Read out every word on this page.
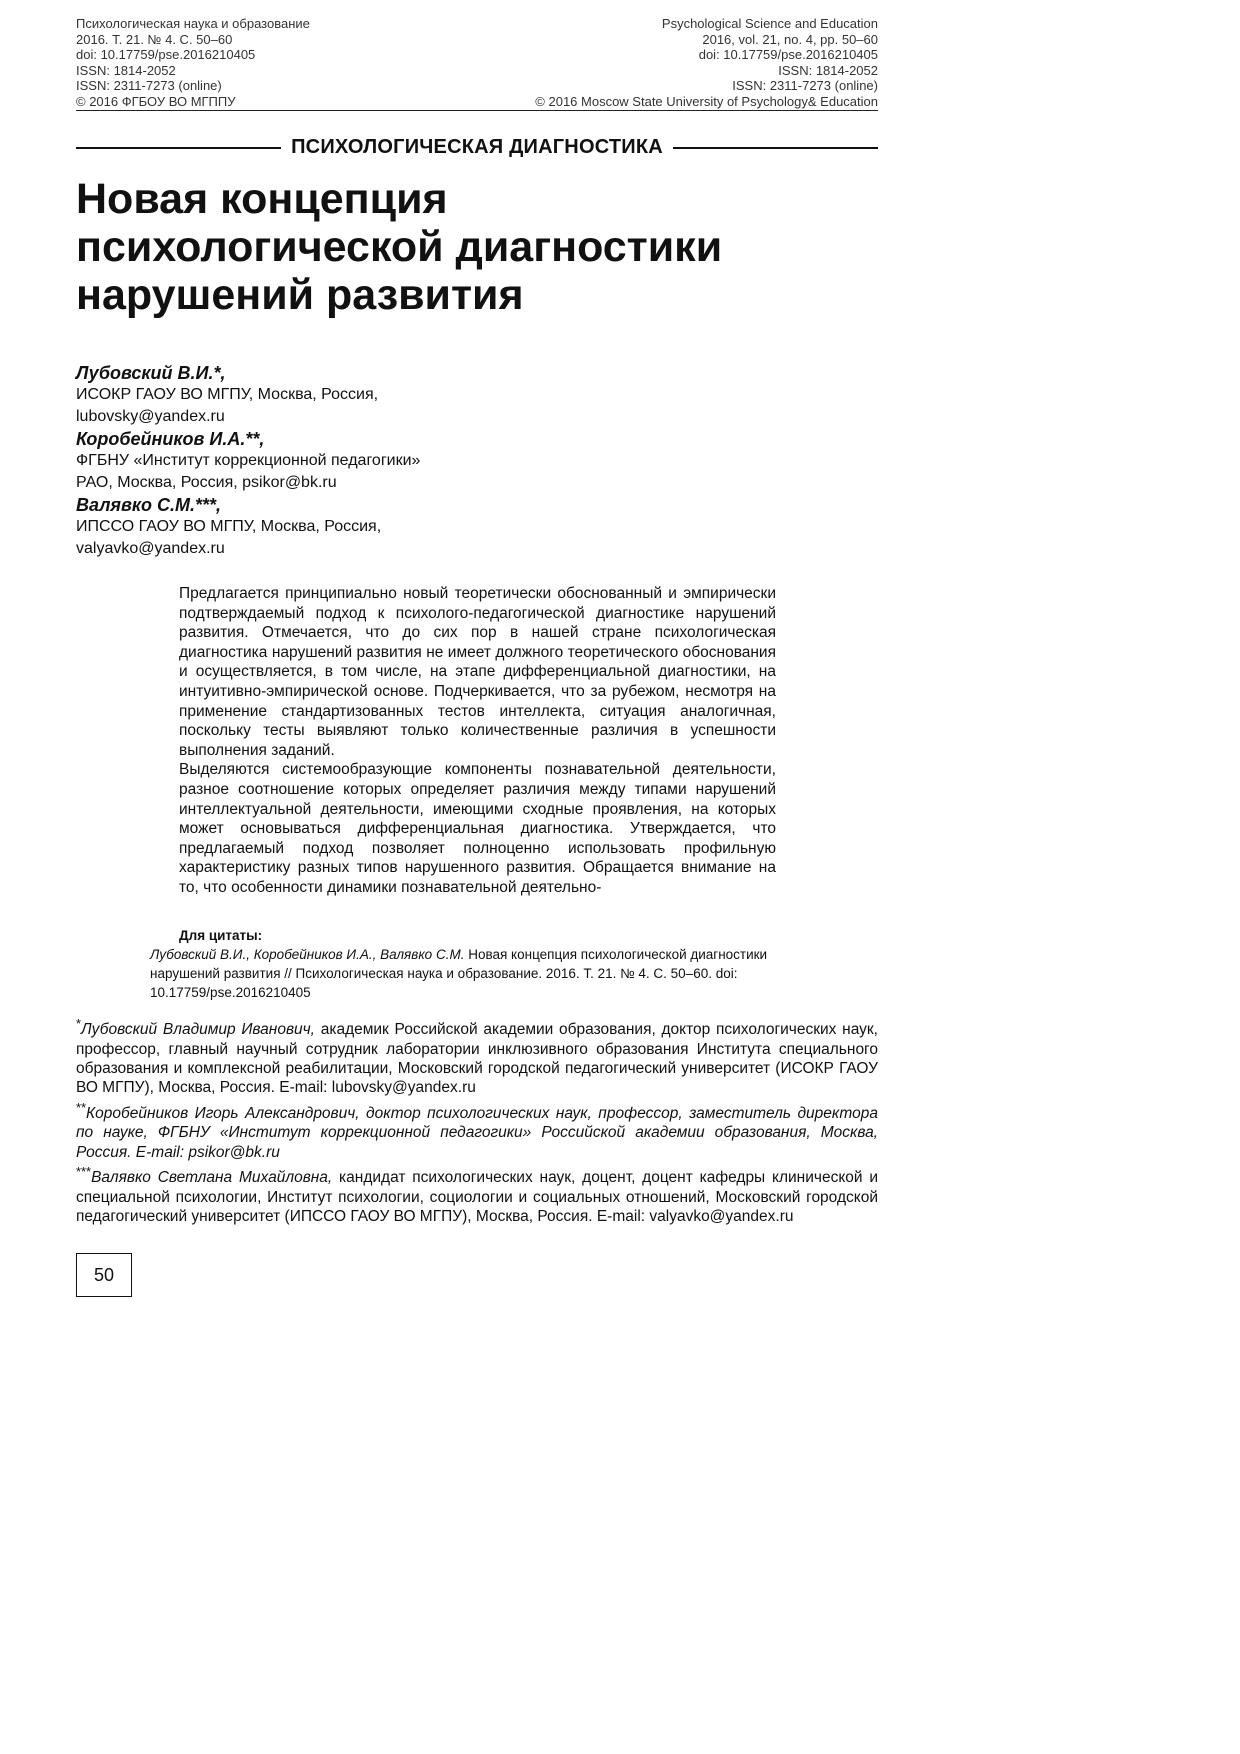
Психологическая наука и образование
2016. Т. 21. № 4. С. 50–60
doi: 10.17759/pse.2016210405
ISSN: 1814-2052
ISSN: 2311-7273 (online)
© 2016 ФГБОУ ВО МГППУ
Psychological Science and Education
2016, vol. 21, no. 4, pp. 50–60
doi: 10.17759/pse.2016210405
ISSN: 1814-2052
ISSN: 2311-7273 (online)
© 2016 Moscow State University of Psychology& Education
ПСИХОЛОГИЧЕСКАЯ ДИАГНОСТИКА
Новая концепция
психологической диагностики
нарушений развития
Лубовский В.И.*,
ИСОКР ГАОУ ВО МГПУ, Москва, Россия,
lubovsky@yandex.ru
Коробейников И.А.**,
ФГБНУ «Институт коррекционной педагогики»
РАО, Москва, Россия, psikor@bk.ru
Валявко С.М.***,
ИПССО ГАОУ ВО МГПУ, Москва, Россия,
valyavko@yandex.ru

Предлагается принципиально новый теоретически обоснованный и эмпирически подтверждаемый подход к психолого-педагогической диагностике нарушений развития. Отмечается, что до сих пор в нашей стране психологическая диагностика нарушений развития не имеет должного теоретического обоснования и осуществляется, в том числе, на этапе дифференциальной диагностики, на интуитивно-эмпирической основе. Подчеркивается, что за рубежом, несмотря на применение стандартизованных тестов интеллекта, ситуация аналогичная, поскольку тесты выявляют только количественные различия в успешности выполнения заданий.

Выделяются системообразующие компоненты познавательной деятельности, разное соотношение которых определяет различия между типами нарушений интеллектуальной деятельности, имеющими сходные проявления, на которых может основываться дифференциальная диагностика. Утверждается, что предлагаемый подход позволяет полноценно использовать профильную характеристику разных типов нарушенного развития. Обращается внимание на то, что особенности динамики познавательной деятельно-

Для цитаты:
Лубовский В.И., Коробейников И.А., Валявко С.М. Новая концепция психологической диагностики нарушений развития // Психологическая наука и образование. 2016. Т. 21. № 4. С. 50–60. doi: 10.17759/pse.2016210405

*Лубовский Владимир Иванович, академик Российской академии образования, доктор психологических наук, профессор, главный научный сотрудник лаборатории инклюзивного образования Института специального образования и комплексной реабилитации, Московский городской педагогический университет (ИСОКР ГАОУ ВО МГПУ), Москва, Россия. E-mail: lubovsky@yandex.ru

**Коробейников Игорь Александрович, доктор психологических наук, профессор, заместитель директора по науке, ФГБНУ «Институт коррекционной педагогики» Российской академии образования, Москва, Россия. E-mail: psikor@bk.ru

***Валявко Светлана Михайловна, кандидат психологических наук, доцент, доцент кафедры клинической и специальной психологии, Институт психологии, социологии и социальных отношений, Московский городской педагогический университет (ИПССО ГАОУ ВО МГПУ), Москва, Россия. E-mail: valyavko@yandex.ru

50
